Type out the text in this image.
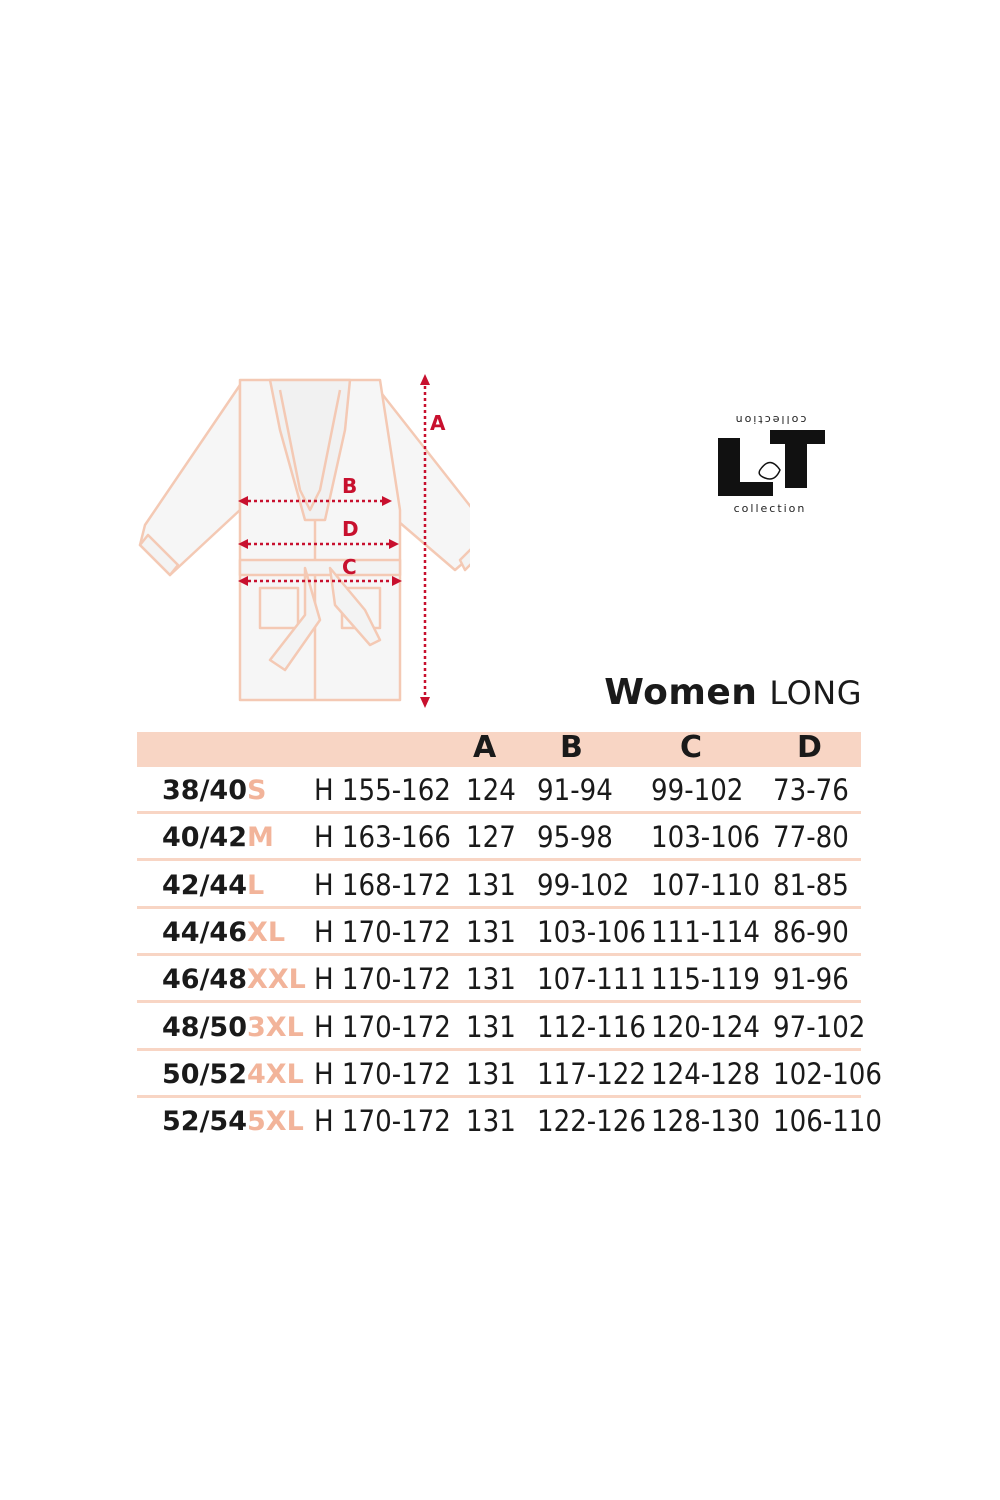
A
B
D
C
collection
collection
Women LONG
A B	C	D
38/40 S H 155-162 124 91-94 99-102 73-76
40/42 M H 163-166 127 95-98 103-106 77-80
42/44 L H 168-172 131 99-102 107-110 81-85
44/46 XL H 170-172 131 103-106 111-114 86-90
46/48 XXL H 170-172 131 107-111 115-119 91-96
48/50 3XL H 170-172 131 112-116 120-124 97-102
50/52 4XL H 170-172 131 117-122 124-128 102-106
52/54 5XL H 170-172 131 122-126 128-130 106-110
